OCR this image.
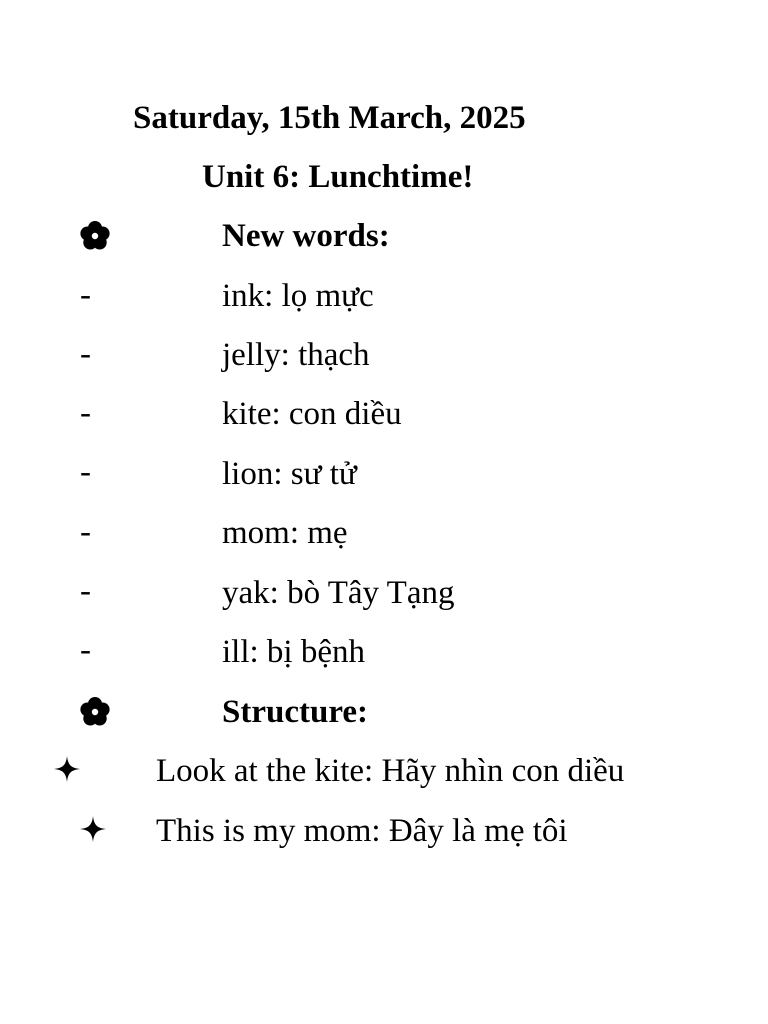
Saturday, 15th March, 2025
Unit 6: Lunchtime!
New words:
-	ink: lọ mực
-	jelly: thạch
-	kite: con diều
-	lion: sư tử
-	mom: mẹ
-	yak: bò Tây Tạng
-	ill: bị bệnh
Structure:
Look at the kite: Hãy nhìn con diều
This is my mom: Đây là mẹ tôi
